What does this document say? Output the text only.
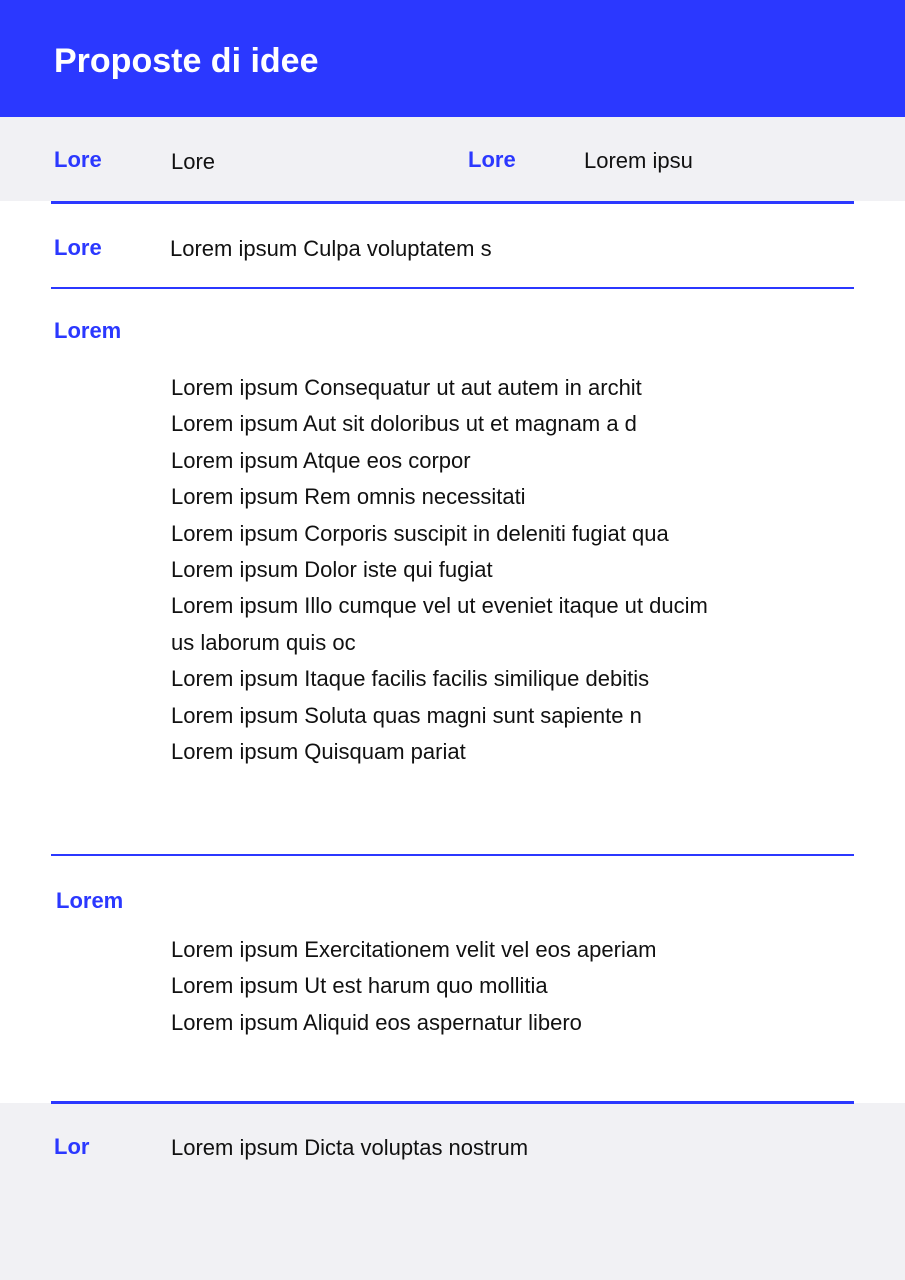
Proposte di idee
Lore	Lore	Lore	Lorem ipsu
Lore	Lorem ipsum Culpa voluptatem s
Lorem
Lorem ipsum Consequatur ut aut autem in archit
Lorem ipsum Aut sit doloribus ut et magnam a d
Lorem ipsum Atque eos corpor
Lorem ipsum Rem omnis necessitati
Lorem ipsum Corporis suscipit in deleniti fugiat qua
Lorem ipsum Dolor iste qui fugiat
Lorem ipsum Illo cumque vel ut eveniet itaque ut ducim
us laborum quis oc
Lorem ipsum Itaque facilis facilis similique debitis
Lorem ipsum Soluta quas magni sunt sapiente n
Lorem ipsum Quisquam pariat
Lorem
Lorem ipsum Exercitationem velit vel eos aperiam
Lorem ipsum Ut est harum quo mollitia
Lorem ipsum Aliquid eos aspernatur libero
Lor	Lorem ipsum Dicta voluptas nostrum
